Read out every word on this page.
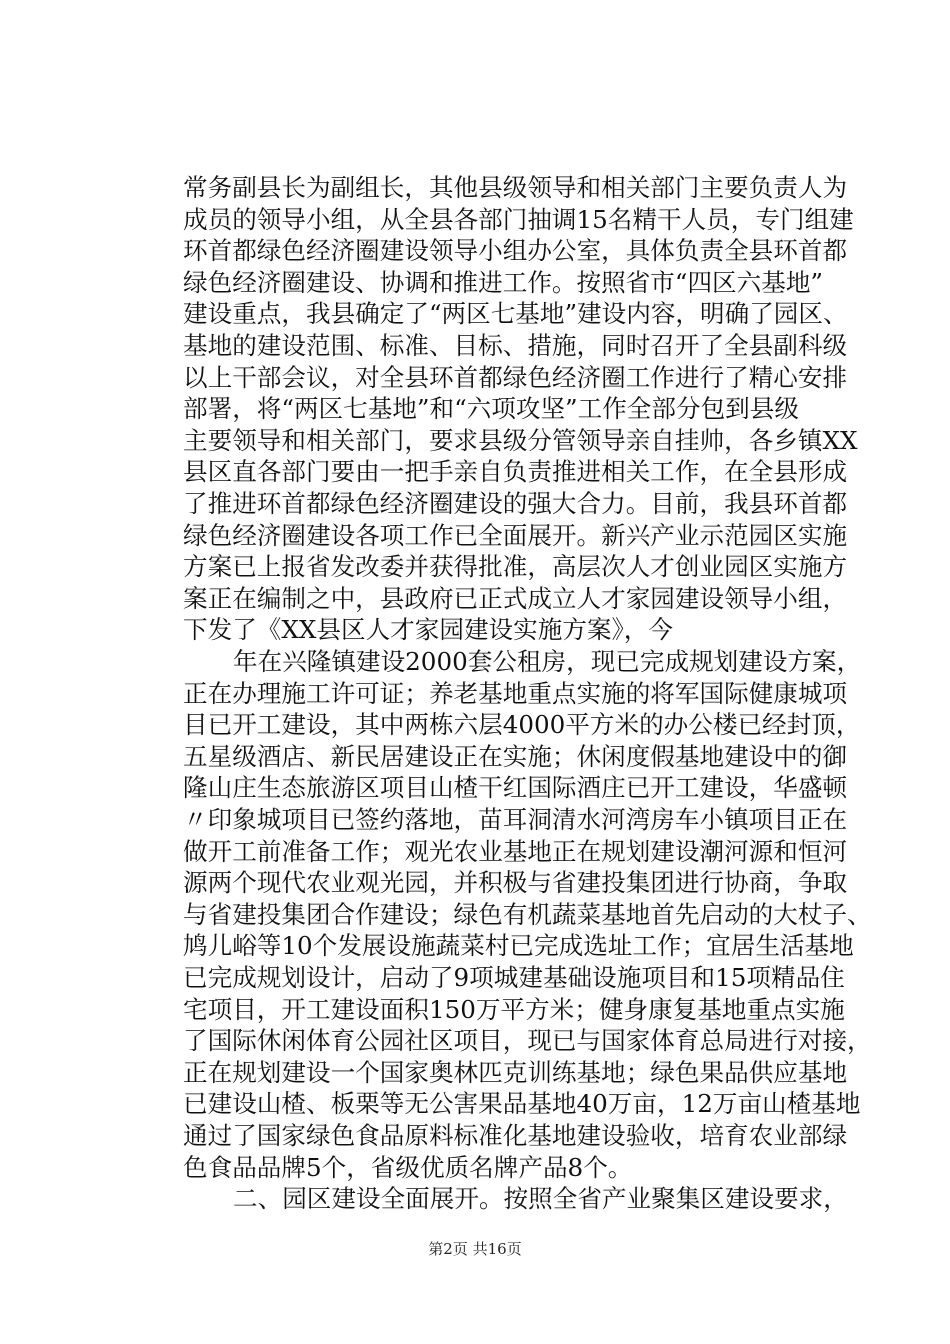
常务副县长为副组长，其他县级领导和相关部门主要负责人为
成员的领导小组，从全县各部门抽调15名精干人员，专门组建
环首都绿色经济圈建设领导小组办公室，具体负责全县环首都
绿色经济圈建设、协调和推进工作。按照省市“四区六基地”
建设重点，我县确定了“两区七基地”建设内容，明确了园区、
基地的建设范围、标准、目标、措施，同时召开了全县副科级
以上干部会议，对全县环首都绿色经济圈工作进行了精心安排
部署，将“两区七基地”和“六项攻坚”工作全部分包到县级
主要领导和相关部门，要求县级分管领导亲自挂帅，各乡镇XX
县区直各部门要由一把手亲自负责推进相关工作，在全县形成
了推进环首都绿色经济圈建设的强大合力。目前，我县环首都
绿色经济圈建设各项工作已全面展开。新兴产业示范园区实施
方案已上报省发改委并获得批准，高层次人才创业园区实施方
案正在编制之中，县政府已正式成立人才家园建设领导小组，
下发了《XX县区人才家园建设实施方案》，今
年在兴隆镇建设2000套公租房，现已完成规划建设方案，
正在办理施工许可证；养老基地重点实施的将军国际健康城项
目已开工建设，其中两栋六层4000平方米的办公楼已经封顶，
五星级酒店、新民居建设正在实施；休闲度假基地建设中的御
隆山庄生态旅游区项目山楂干红国际酒庄已开工建设，华盛顿
〃印象城项目已签约落地，苗耳洞清水河湾房车小镇项目正在
做开工前准备工作；观光农业基地正在规划建设潮河源和恒河
源两个现代农业观光园，并积极与省建投集团进行协商，争取
与省建投集团合作建设；绿色有机蔬菜基地首先启动的大杖子、
鸠儿峪等10个发展设施蔬菜村已完成选址工作；宜居生活基地
已完成规划设计，启动了9项城建基础设施项目和15项精品住
宅项目，开工建设面积150万平方米；健身康复基地重点实施
了国际休闲体育公园社区项目，现已与国家体育总局进行对接，
正在规划建设一个国家奥林匹克训练基地；绿色果品供应基地
已建设山楂、板栗等无公害果品基地40万亩，12万亩山楂基地
通过了国家绿色食品原料标准化基地建设验收，培育农业部绿
色食品品牌5个，省级优质名牌产品8个。
二、园区建设全面展开。按照全省产业聚集区建设要求，
第2页 共16页
